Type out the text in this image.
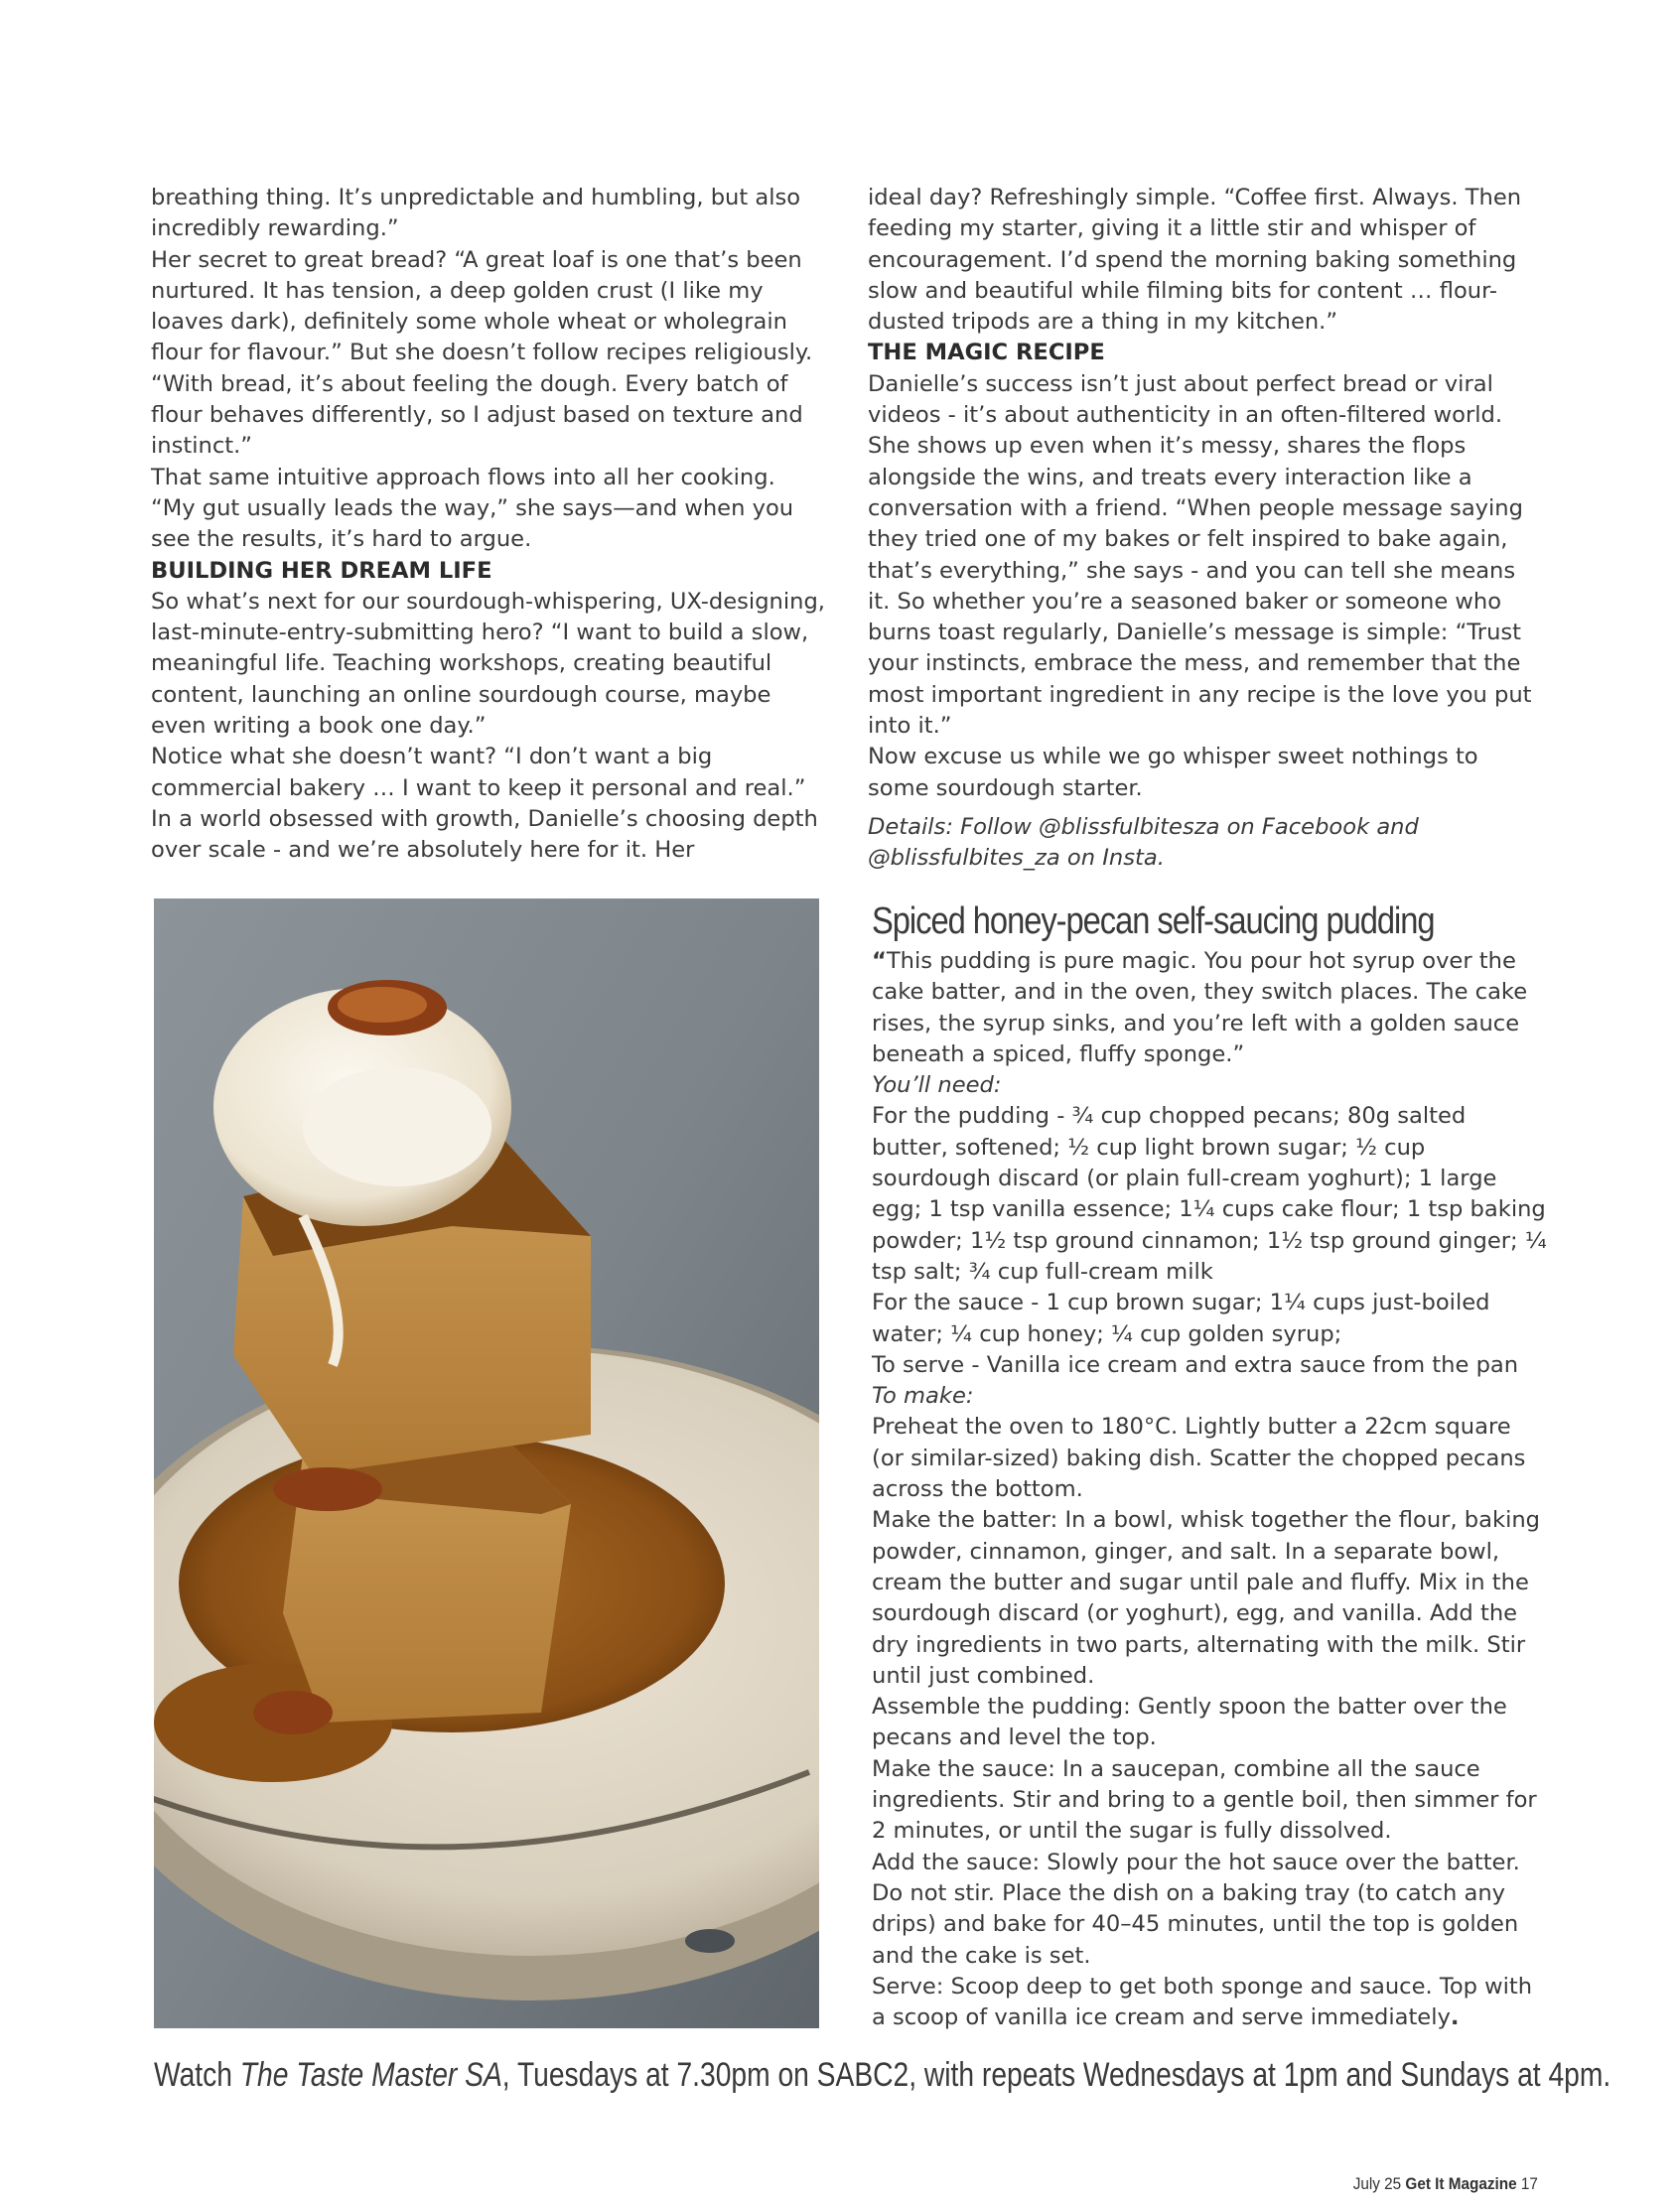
breathing thing. It’s unpredictable and humbling, but also incredibly rewarding.”

Her secret to great bread? “A great loaf is one that’s been nurtured. It has tension, a deep golden crust (I like my loaves dark), definitely some whole wheat or wholegrain flour for flavour.” But she doesn’t follow recipes religiously. “With bread, it’s about feeling the dough. Every batch of flour behaves differently, so I adjust based on texture and instinct.”

That same intuitive approach flows into all her cooking. “My gut usually leads the way,” she says—and when you see the results, it’s hard to argue.

BUILDING HER DREAM LIFE

So what’s next for our sourdough-whispering, UX-designing, last-minute-entry-submitting hero? “I want to build a slow, meaningful life. Teaching workshops, creating beautiful content, launching an online sourdough course, maybe even writing a book one day.”

Notice what she doesn’t want? “I don’t want a big commercial bakery … I want to keep it personal and real.” In a world obsessed with growth, Danielle’s choosing depth over scale - and we’re absolutely here for it. Her

ideal day? Refreshingly simple. “Coffee first. Always. Then feeding my starter, giving it a little stir and whisper of encouragement. I’d spend the morning baking something slow and beautiful while filming bits for content … flour-dusted tripods are a thing in my kitchen.”

THE MAGIC RECIPE

Danielle’s success isn’t just about perfect bread or viral videos - it’s about authenticity in an often-filtered world. She shows up even when it’s messy, shares the flops alongside the wins, and treats every interaction like a conversation with a friend. “When people message saying they tried one of my bakes or felt inspired to bake again, that’s everything,” she says - and you can tell she means it. So whether you’re a seasoned baker or someone who burns toast regularly, Danielle’s message is simple: “Trust your instincts, embrace the mess, and remember that the most important ingredient in any recipe is the love you put into it.”

Now excuse us while we go whisper sweet nothings to some sourdough starter.

Details: Follow @blissfulbitesza on Facebook and @blissfulbites_za on Insta.

Spiced honey-pecan self-saucing pudding

“This pudding is pure magic. You pour hot syrup over the cake batter, and in the oven, they switch places. The cake rises, the syrup sinks, and you’re left with a golden sauce beneath a spiced, fluffy sponge.”

You’ll need:

For the pudding - ¾ cup chopped pecans; 80g salted butter, softened; ½ cup light brown sugar; ½ cup sourdough discard (or plain full-cream yoghurt); 1 large egg; 1 tsp vanilla essence; 1¼ cups cake flour; 1 tsp baking powder; 1½ tsp ground cinnamon; 1½ tsp ground ginger; ¼ tsp salt; ¾ cup full-cream milk

For the sauce - 1 cup brown sugar; 1¼ cups just-boiled water; ¼ cup honey; ¼ cup golden syrup;

To serve - Vanilla ice cream and extra sauce from the pan

To make:

Preheat the oven to 180°C. Lightly butter a 22cm square (or similar-sized) baking dish. Scatter the chopped pecans across the bottom.

Make the batter: In a bowl, whisk together the flour, baking powder, cinnamon, ginger, and salt. In a separate bowl, cream the butter and sugar until pale and fluffy. Mix in the sourdough discard (or yoghurt), egg, and vanilla. Add the dry ingredients in two parts, alternating with the milk. Stir until just combined.

Assemble the pudding: Gently spoon the batter over the pecans and level the top.

Make the sauce: In a saucepan, combine all the sauce ingredients. Stir and bring to a gentle boil, then simmer for 2 minutes, or until the sugar is fully dissolved.

Add the sauce: Slowly pour the hot sauce over the batter. Do not stir. Place the dish on a baking tray (to catch any drips) and bake for 40–45 minutes, until the top is golden and the cake is set.

Serve: Scoop deep to get both sponge and sauce. Top with a scoop of vanilla ice cream and serve immediately.

Watch The Taste Master SA, Tuesdays at 7.30pm on SABC2, with repeats Wednesdays at 1pm and Sundays at 4pm.
July 25 Get It Magazine 17
